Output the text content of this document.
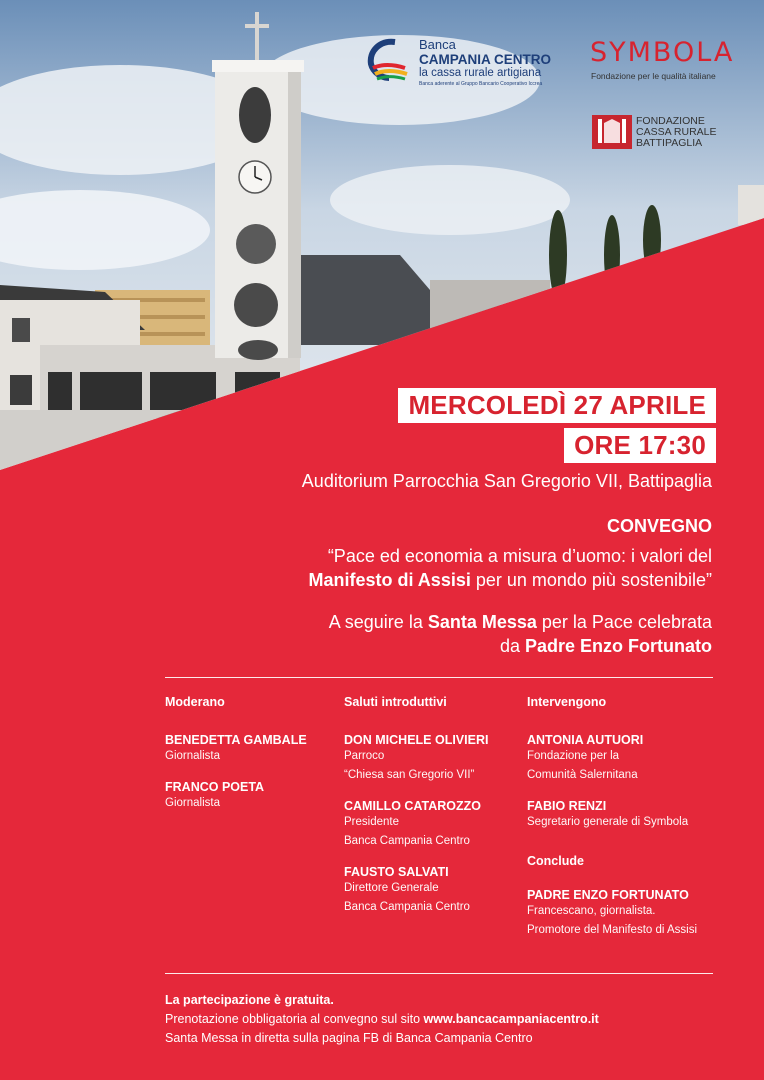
Banca
CAMPANIA CENTRO
la cassa rurale artigiana
Banca aderente al Gruppo Bancario Cooperativo Iccrea
SYMBOLA
Fondazione per le qualità italiane
FONDAZIONE
CASSA RURALE
BATTIPAGLIA
MERCOLEDÌ 27 APRILE
ORE 17:30
Auditorium Parrocchia San Gregorio VII, Battipaglia
CONVEGNO
“Pace ed economia a misura d’uomo: i valori del
Manifesto di Assisi per un mondo più sostenibile”
A seguire la Santa Messa per la Pace celebrata
da Padre Enzo Fortunato
Moderano
BENEDETTA GAMBALE
Giornalista
FRANCO POETA
Giornalista
Saluti introduttivi
DON MICHELE OLIVIERI
Parroco
“Chiesa san Gregorio VII”
CAMILLO CATAROZZO
Presidente
Banca Campania Centro
FAUSTO SALVATI
Direttore Generale
Banca Campania Centro
Intervengono
ANTONIA AUTUORI
Fondazione per la
Comunità Salernitana
FABIO RENZI
Segretario generale di Symbola
Conclude
PADRE ENZO FORTUNATO
Francescano, giornalista.
Promotore del Manifesto di Assisi
La partecipazione è gratuita.
Prenotazione obbligatoria al convegno sul sito www.bancacampaniacentro.it
Santa Messa in diretta sulla pagina FB di Banca Campania Centro
